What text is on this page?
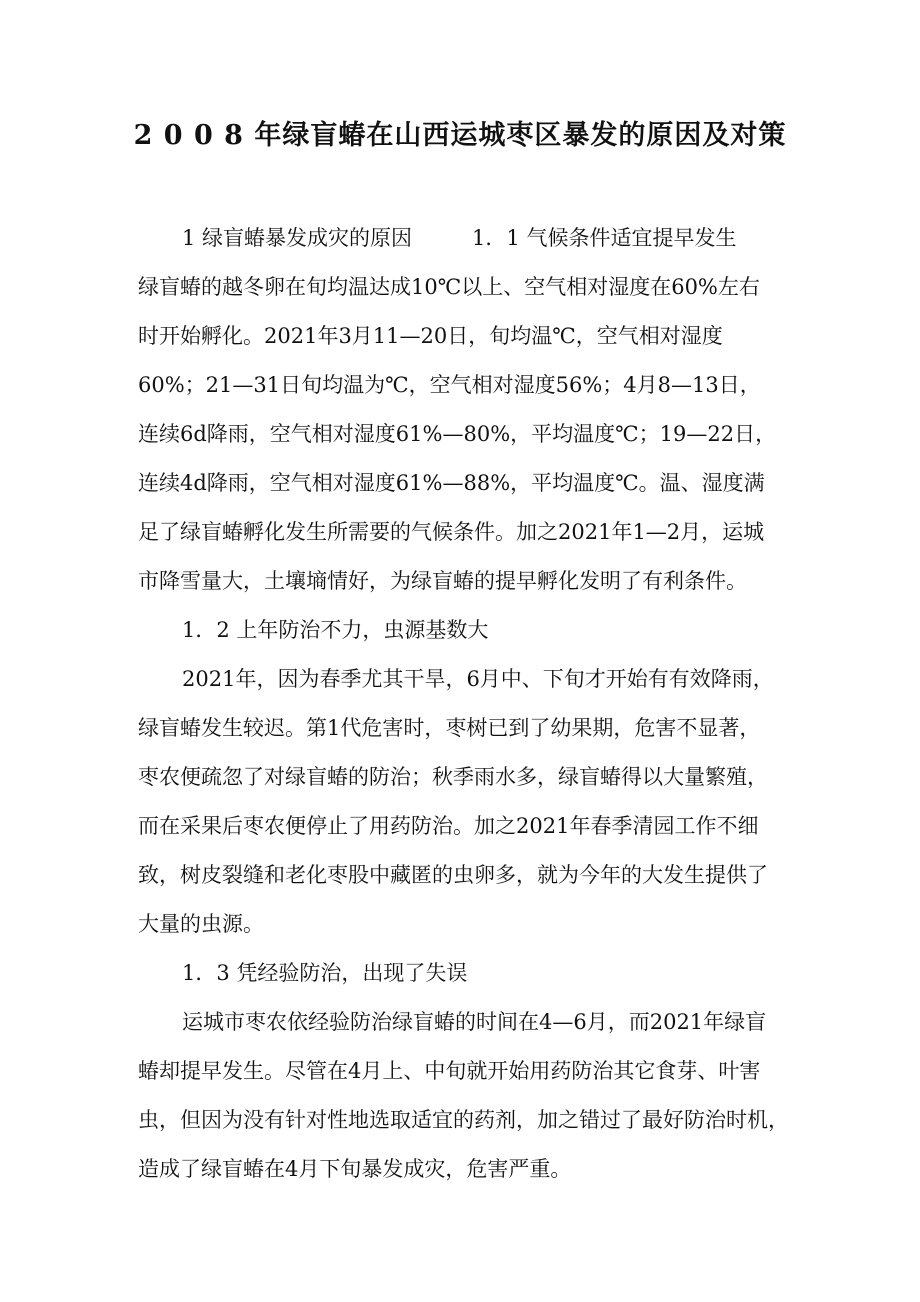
2 0 0 8 年绿盲蝽在山西运城枣区暴发的原因及对策
1 绿盲蝽暴发成灾的原因	1．1 气候条件适宜提早发生
绿盲蝽的越冬卵在旬均温达成10℃以上、空气相对湿度在60%左右
时开始孵化。2021年3月11—20日，旬均温℃，空气相对湿度
60%；21—31日旬均温为℃，空气相对湿度56%；4月8—13日，
连续6d降雨，空气相对湿度61%—80%，平均温度℃；19—22日，
连续4d降雨，空气相对湿度61%—88%，平均温度℃。温、湿度满
足了绿盲蝽孵化发生所需要的气候条件。加之2021年1—2月，运城
市降雪量大，土壤墒情好，为绿盲蝽的提早孵化发明了有利条件。
1．2 上年防治不力，虫源基数大
2021年，因为春季尤其干旱，6月中、下旬才开始有有效降雨，
绿盲蝽发生较迟。第1代危害时，枣树已到了幼果期，危害不显著，
枣农便疏忽了对绿盲蝽的防治；秋季雨水多，绿盲蝽得以大量繁殖，
而在采果后枣农便停止了用药防治。加之2021年春季清园工作不细
致，树皮裂缝和老化枣股中藏匿的虫卵多，就为今年的大发生提供了
大量的虫源。
1．3 凭经验防治，出现了失误
运城市枣农依经验防治绿盲蝽的时间在4—6月，而2021年绿盲
蝽却提早发生。尽管在4月上、中旬就开始用药防治其它食芽、叶害
虫，但因为没有针对性地选取适宜的药剂，加之错过了最好防治时机，
造成了绿盲蝽在4月下旬暴发成灾，危害严重。
